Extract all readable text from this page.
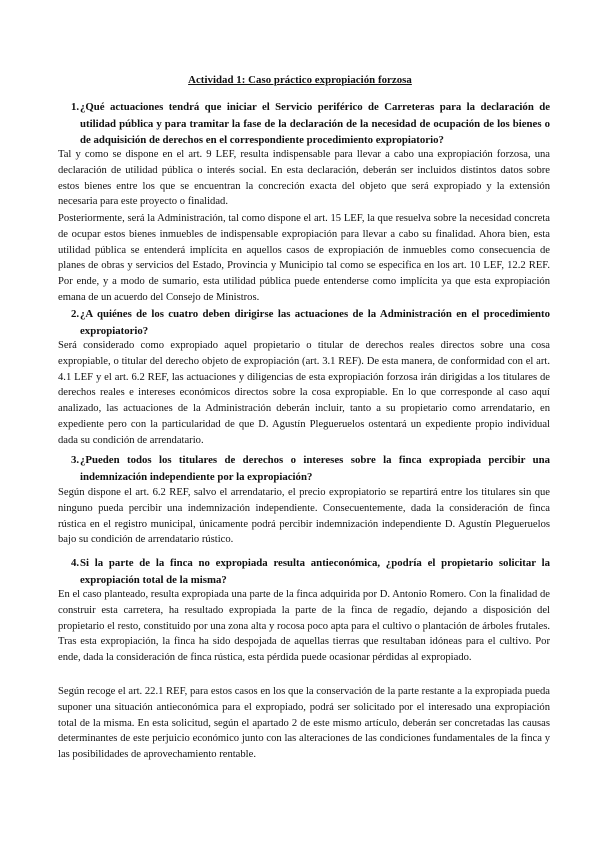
Actividad 1: Caso práctico expropiación forzosa
1. ¿Qué actuaciones tendrá que iniciar el Servicio periférico de Carreteras para la declaración de utilidad pública y para tramitar la fase de la declaración de la necesidad de ocupación de los bienes o de adquisición de derechos en el correspondiente procedimiento expropiatorio?

Tal y como se dispone en el art. 9 LEF, resulta indispensable para llevar a cabo una expropiación forzosa, una declaración de utilidad pública o interés social. En esta declaración, deberán ser incluidos distintos datos sobre estos bienes entre los que se encuentran la concreción exacta del objeto que será expropiado y la extensión necesaria para este proyecto o finalidad.

Posteriormente, será la Administración, tal como dispone el art. 15 LEF, la que resuelva sobre la necesidad concreta de ocupar estos bienes inmuebles de indispensable expropiación para llevar a cabo su finalidad. Ahora bien, esta utilidad pública se entenderá implícita en aquellos casos de expropiación de inmuebles como consecuencia de planes de obras y servicios del Estado, Provincia y Municipio tal como se especifica en los art. 10 LEF, 12.2 REF. Por ende, y a modo de sumario, esta utilidad pública puede entenderse como implícita ya que esta expropiación emana de un acuerdo del Consejo de Ministros.

2. ¿A quiénes de los cuatro deben dirigirse las actuaciones de la Administración en el procedimiento expropiatorio?

Será considerado como expropiado aquel propietario o titular de derechos reales directos sobre una cosa expropiable, o titular del derecho objeto de expropiación (art. 3.1 REF). De esta manera, de conformidad con el art. 4.1 LEF y el art. 6.2 REF, las actuaciones y diligencias de esta expropiación forzosa irán dirigidas a los titulares de derechos reales e intereses económicos directos sobre la cosa expropiable. En lo que corresponde al caso aquí analizado, las actuaciones de la Administración deberán incluir, tanto a su propietario como arrendatario, en expediente pero con la particularidad de que D. Agustín Plegueruelos ostentará un expediente propio individual dada su condición de arrendatario.

3. ¿Pueden todos los titulares de derechos o intereses sobre la finca expropiada percibir una indemnización independiente por la expropiación?

Según dispone el art. 6.2 REF, salvo el arrendatario, el precio expropiatorio se repartirá entre los titulares sin que ninguno pueda percibir una indemnización independiente. Consecuentemente, dada la consideración de finca rústica en el registro municipal, únicamente podrá percibir indemnización independiente D. Agustín Plegueruelos bajo su condición de arrendatario rústico.

4. Si la parte de la finca no expropiada resulta antieconómica, ¿podría el propietario solicitar la expropiación total de la misma?

En el caso planteado, resulta expropiada una parte de la finca adquirida por D. Antonio Romero. Con la finalidad de construir esta carretera, ha resultado expropiada la parte de la finca de regadío, dejando a disposición del propietario el resto, constituido por una zona alta y rocosa poco apta para el cultivo o plantación de árboles frutales. Tras esta expropiación, la finca ha sido despojada de aquellas tierras que resultaban idóneas para el cultivo. Por ende, dada la consideración de finca rústica, esta pérdida puede ocasionar pérdidas al expropiado.

Según recoge el art. 22.1 REF, para estos casos en los que la conservación de la parte restante a la expropiada pueda suponer una situación antieconómica para el expropiado, podrá ser solicitado por el interesado una expropiación total de la misma. En esta solicitud, según el apartado 2 de este mismo artículo, deberán ser concretadas las causas determinantes de este perjuicio económico junto con las alteraciones de las condiciones fundamentales de la finca y las posibilidades de aprovechamiento rentable.
